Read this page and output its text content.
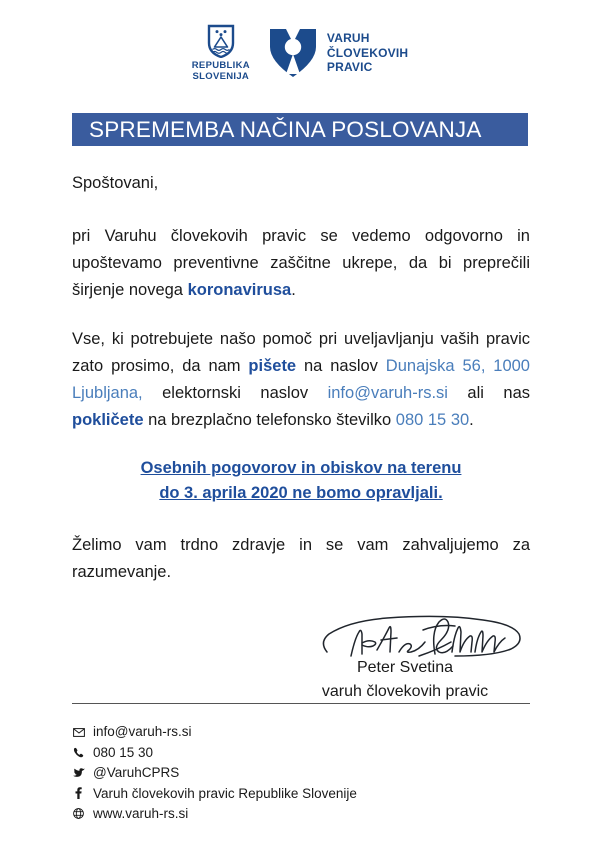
REPUBLIKA
SLOVENIJA
VARUH
ČLOVEKOVIH
PRAVIC
SPREMEMBA NAČINA POSLOVANJA

Spoštovani,

pri Varuhu človekovih pravic se vedemo odgovorno in upoštevamo preventivne zaščitne ukrepe, da bi preprečili širjenje novega koronavirusa.

Vse, ki potrebujete našo pomoč pri uveljavljanju vaših pravic zato prosimo, da nam pišete na naslov Dunajska 56, 1000 Ljubljana, elektornski naslov info@varuh-rs.si ali nas pokličete na brezplačno telefonsko številko 080 15 30.

Osebnih pogovorov in obiskov na terenu
do 3. aprila 2020 ne bomo opravljali.

Želimo vam trdno zdravje in se vam zahvaljujemo za razumevanje.

Peter Svetina
varuh človekovih pravic
info@varuh-rs.si
080 15 30
@VaruhCPRS
Varuh človekovih pravic Republike Slovenije
www.varuh-rs.si
